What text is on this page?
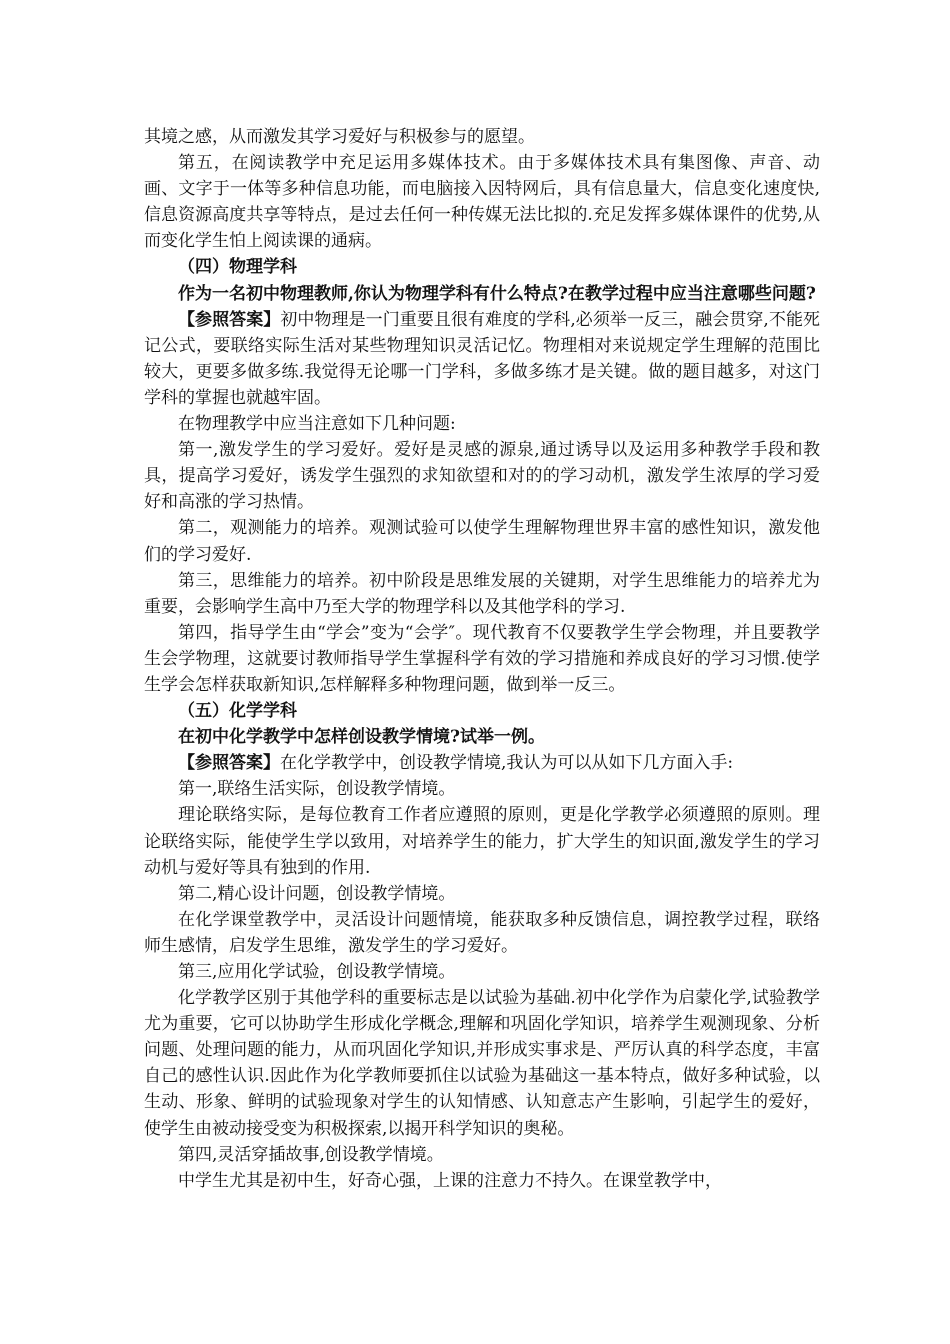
其境之感，从而激发其学习爱好与积极参与的愿望。

第五，在阅读教学中充足运用多媒体技术。由于多媒体技术具有集图像、声音、动画、文字于一体等多种信息功能，而电脑接入因特网后，具有信息量大，信息变化速度快,信息资源高度共享等特点，是过去任何一种传媒无法比拟的.充足发挥多媒体课件的优势,从而变化学生怕上阅读课的通病。

（四）物理学科

作为一名初中物理教师,你认为物理学科有什么特点?在教学过程中应当注意哪些问题?

【参照答案】初中物理是一门重要且很有难度的学科,必须举一反三，融会贯穿,不能死记公式，要联络实际生活对某些物理知识灵活记忆。物理相对来说规定学生理解的范围比较大，更要多做多练.我觉得无论哪一门学科，多做多练才是关键。做的题目越多，对这门学科的掌握也就越牢固。

在物理教学中应当注意如下几种问题:

第一,激发学生的学习爱好。爱好是灵感的源泉,通过诱导以及运用多种教学手段和教具，提高学习爱好，诱发学生强烈的求知欲望和对的的学习动机，激发学生浓厚的学习爱好和高涨的学习热情。

第二，观测能力的培养。观测试验可以使学生理解物理世界丰富的感性知识，激发他们的学习爱好.

第三，思维能力的培养。初中阶段是思维发展的关键期，对学生思维能力的培养尤为重要，会影响学生高中乃至大学的物理学科以及其他学科的学习.

第四，指导学生由“学会”变为“会学″。现代教育不仅要教学生学会物理，并且要教学生会学物理，这就要讨教师指导学生掌握科学有效的学习措施和养成良好的学习习惯.使学生学会怎样获取新知识,怎样解释多种物理问题，做到举一反三。

（五）化学学科

在初中化学教学中怎样创设教学情境?试举一例。

【参照答案】在化学教学中，创设教学情境,我认为可以从如下几方面入手:

第一,联络生活实际，创设教学情境。

理论联络实际，是每位教育工作者应遵照的原则，更是化学教学必须遵照的原则。理论联络实际，能使学生学以致用，对培养学生的能力，扩大学生的知识面,激发学生的学习动机与爱好等具有独到的作用.

第二,精心设计问题，创设教学情境。

在化学课堂教学中，灵活设计问题情境，能获取多种反馈信息，调控教学过程，联络师生感情，启发学生思维，激发学生的学习爱好。

第三,应用化学试验，创设教学情境。

化学教学区别于其他学科的重要标志是以试验为基础.初中化学作为启蒙化学,试验教学尤为重要，它可以协助学生形成化学概念,理解和巩固化学知识，培养学生观测现象、分析问题、处理问题的能力，从而巩固化学知识,并形成实事求是、严厉认真的科学态度，丰富自己的感性认识.因此作为化学教师要抓住以试验为基础这一基本特点，做好多种试验，以生动、形象、鲜明的试验现象对学生的认知情感、认知意志产生影响，引起学生的爱好，使学生由被动接受变为积极探索,以揭开科学知识的奥秘。

第四,灵活穿插故事,创设教学情境。

中学生尤其是初中生，好奇心强，上课的注意力不持久。在课堂教学中，
